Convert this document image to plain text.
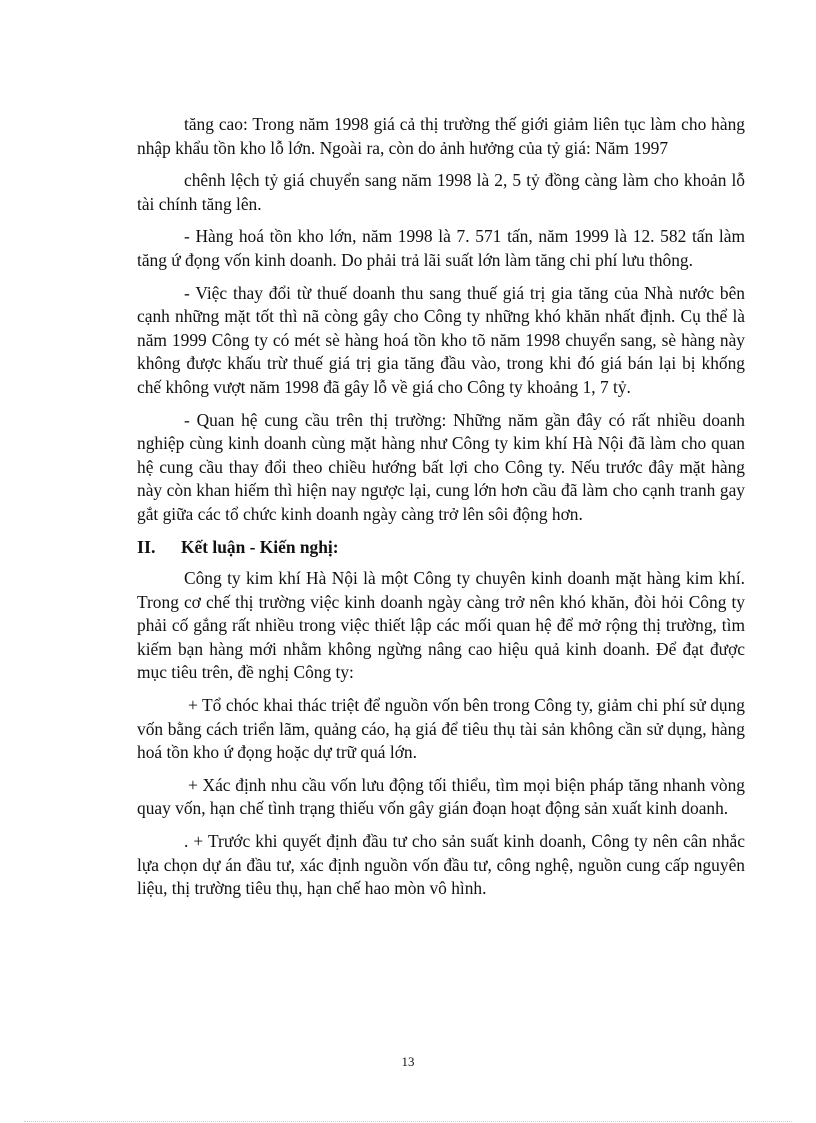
tăng cao: Trong năm 1998 giá cả thị trường thế giới giảm liên tục làm cho hàng nhập khẩu tồn kho lỗ lớn. Ngoài ra, còn do ảnh hưởng của tỷ giá: Năm 1997

chênh lệch tỷ giá chuyển sang năm 1998 là 2, 5 tỷ đồng càng làm cho khoản lỗ tài chính tăng lên.

- Hàng hoá tồn kho lớn, năm 1998 là 7. 571 tấn, năm 1999 là 12. 582 tấn làm tăng ứ đọng vốn kinh doanh. Do phải trả lãi suất lớn làm tăng chi phí lưu thông.

- Việc thay đổi từ thuế doanh thu sang thuế giá trị gia tăng của Nhà nước bên cạnh những mặt tốt thì nã còng gây cho Công ty những khó khăn nhất định. Cụ thể là năm 1999 Công ty có mét sè hàng hoá tồn kho tõ năm 1998 chuyển sang, sè hàng này không được khấu trừ thuế giá trị gia tăng đầu vào, trong khi đó giá bán lại bị khống chế không vượt năm 1998 đã gây lỗ về giá cho Công ty khoảng 1, 7 tỷ.

- Quan hệ cung cầu trên thị trường: Những năm gần đây có rất nhiều doanh nghiệp cùng kinh doanh cùng mặt hàng như Công ty kim khí Hà Nội đã làm cho quan hệ cung cầu thay đổi theo chiều hướng bất lợi cho Công ty. Nếu trước đây mặt hàng này còn khan hiếm thì hiện nay ngược lại, cung lớn hơn cầu đã làm cho cạnh tranh gay gắt giữa các tổ chức kinh doanh ngày càng trở lên sôi động hơn.

II.	Kết luận - Kiến nghị:

Công ty kim khí Hà Nội là một Công ty chuyên kinh doanh mặt hàng kim khí. Trong cơ chế thị trường việc kinh doanh ngày càng trở nên khó khăn, đòi hỏi Công ty phải cố gắng rất nhiều trong việc thiết lập các mối quan hệ để mở rộng thị trường, tìm kiếm bạn hàng mới nhằm không ngừng nâng cao hiệu quả kinh doanh. Để đạt được mục tiêu trên, đề nghị Công ty:

+ Tổ chóc khai thác triệt để nguồn vốn bên trong Công ty, giảm chi phí sử dụng vốn bằng cách triển lãm, quảng cáo, hạ giá để tiêu thụ tài sản không cần sử dụng, hàng hoá tồn kho ứ đọng hoặc dự trữ quá lớn.

+ Xác định nhu cầu vốn lưu động tối thiểu, tìm mọi biện pháp tăng nhanh vòng quay vốn, hạn chế tình trạng thiếu vốn gây gián đoạn hoạt động sản xuất kinh doanh.

. + Trước khi quyết định đầu tư cho sản suất kinh doanh, Công ty nên cân nhắc lựa chọn dự án đầu tư, xác định nguồn vốn đầu tư, công nghệ, nguồn cung cấp nguyên liệu, thị trường tiêu thụ, hạn chế hao mòn vô hình.

13
